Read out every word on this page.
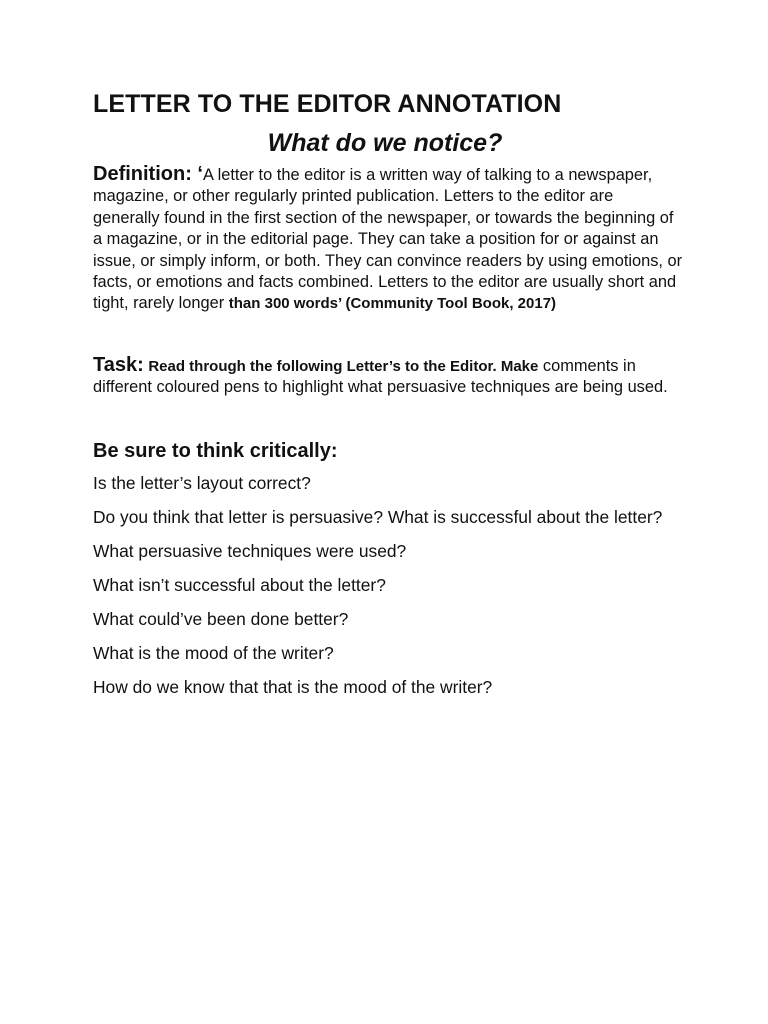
LETTER TO THE EDITOR ANNOTATION
What do we notice?

Definition: ‘A letter to the editor is a written way of talking to a newspaper, magazine, or other regularly printed publication. Letters to the editor are generally found in the first section of the newspaper, or towards the beginning of a magazine, or in the editorial page. They can take a position for or against an issue, or simply inform, or both. They can convince readers by using emotions, or facts, or emotions and facts combined. Letters to the editor are usually short and tight, rarely longer than 300 words’ (Community Tool Book, 2017)

Task: Read through the following Letter’s to the Editor. Make comments in different coloured pens to highlight what persuasive techniques are being used.

Be sure to think critically:
Is the letter’s layout correct?
Do you think that letter is persuasive? What is successful about the letter?
What persuasive techniques were used?
What isn’t successful about the letter?
What could’ve been done better?
What is the mood of the writer?
How do we know that that is the mood of the writer?
